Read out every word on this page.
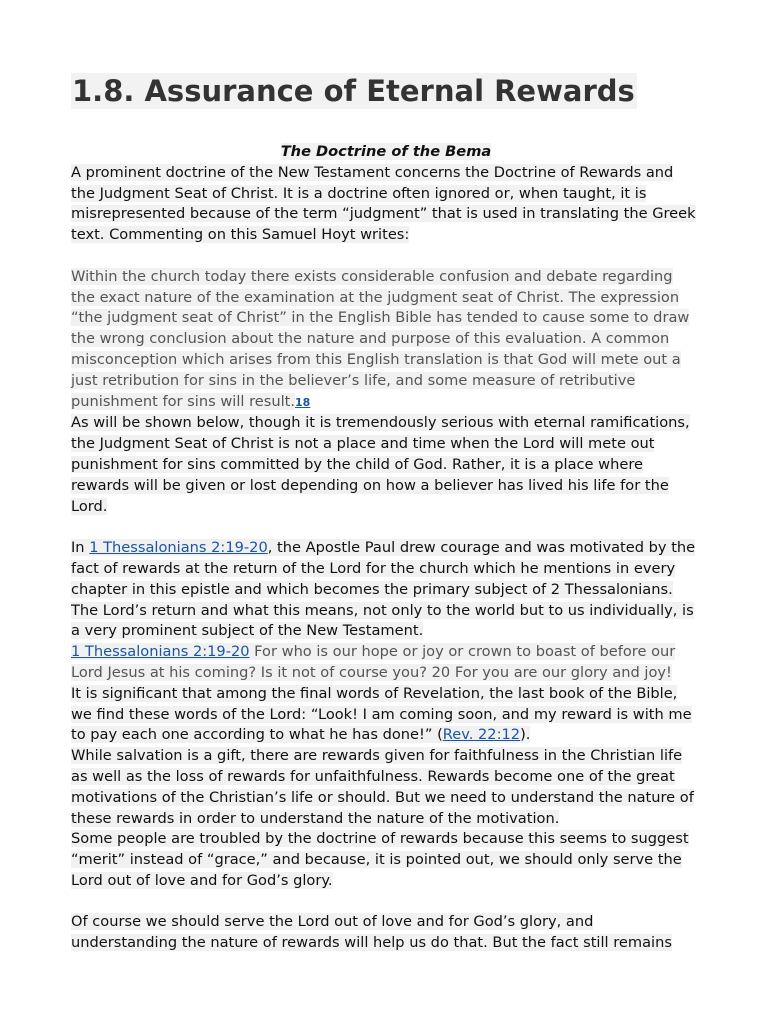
1.8. Assurance of Eternal Rewards

The Doctrine of the Bema

A prominent doctrine of the New Testament concerns the Doctrine of Rewards and the Judgment Seat of Christ. It is a doctrine often ignored or, when taught, it is misrepresented because of the term “judgment” that is used in translating the Greek text. Commenting on this Samuel Hoyt writes:

Within the church today there exists considerable confusion and debate regarding the exact nature of the examination at the judgment seat of Christ. The expression “the judgment seat of Christ” in the English Bible has tended to cause some to draw the wrong conclusion about the nature and purpose of this evaluation. A common misconception which arises from this English translation is that God will mete out a just retribution for sins in the believer’s life, and some measure of retributive punishment for sins will result.18

As will be shown below, though it is tremendously serious with eternal ramifications, the Judgment Seat of Christ is not a place and time when the Lord will mete out punishment for sins committed by the child of God. Rather, it is a place where rewards will be given or lost depending on how a believer has lived his life for the Lord.

In 1 Thessalonians 2:19-20, the Apostle Paul drew courage and was motivated by the fact of rewards at the return of the Lord for the church which he mentions in every chapter in this epistle and which becomes the primary subject of 2 Thessalonians. The Lord’s return and what this means, not only to the world but to us individually, is a very prominent subject of the New Testament.

1 Thessalonians 2:19-20 For who is our hope or joy or crown to boast of before our Lord Jesus at his coming? Is it not of course you? 20 For you are our glory and joy!

It is significant that among the final words of Revelation, the last book of the Bible, we find these words of the Lord: “Look! I am coming soon, and my reward is with me to pay each one according to what he has done!” (Rev. 22:12).

While salvation is a gift, there are rewards given for faithfulness in the Christian life as well as the loss of rewards for unfaithfulness. Rewards become one of the great motivations of the Christian’s life or should. But we need to understand the nature of these rewards in order to understand the nature of the motivation.

Some people are troubled by the doctrine of rewards because this seems to suggest “merit” instead of “grace,” and because, it is pointed out, we should only serve the Lord out of love and for God’s glory.

Of course we should serve the Lord out of love and for God’s glory, and understanding the nature of rewards will help us do that. But the fact still remains
